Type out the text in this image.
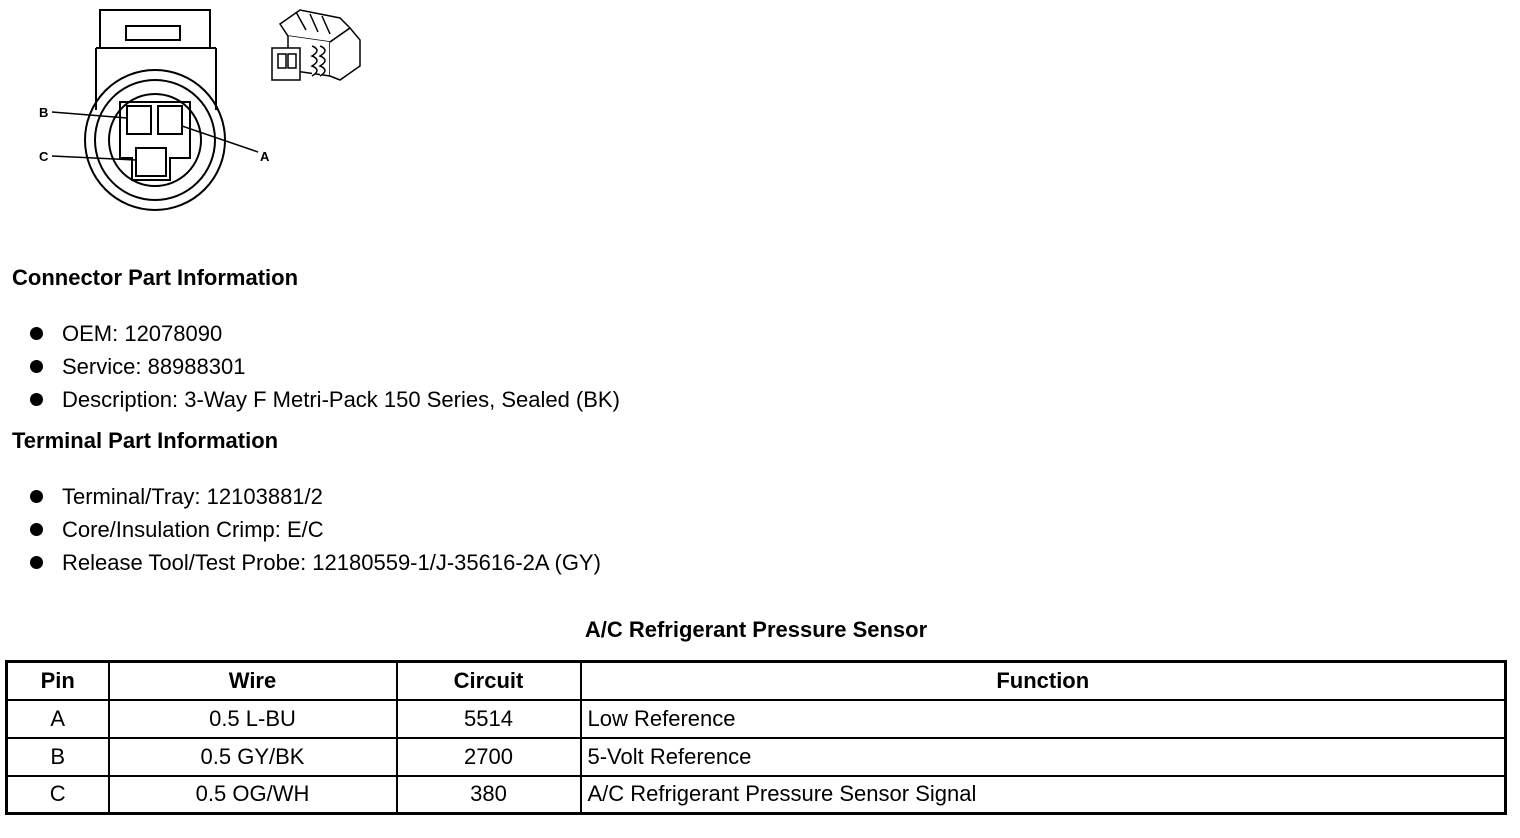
B
C	A
Connector Part Information
OEM: 12078090
Service: 88988301
Description: 3-Way F Metri-Pack 150 Series, Sealed (BK)
Terminal Part Information
Terminal/Tray: 12103881/2
Core/Insulation Crimp: E/C
Release Tool/Test Probe: 12180559-1/J-35616-2A (GY)
A/C Refrigerant Pressure Sensor
Pin	Wire	Circuit	Function
A	0.5 L-BU	5514	Low Reference
B	0.5 GY/BK	2700	5-Volt Reference
C	0.5 OG/WH	380	A/C Refrigerant Pressure Sensor Signal
